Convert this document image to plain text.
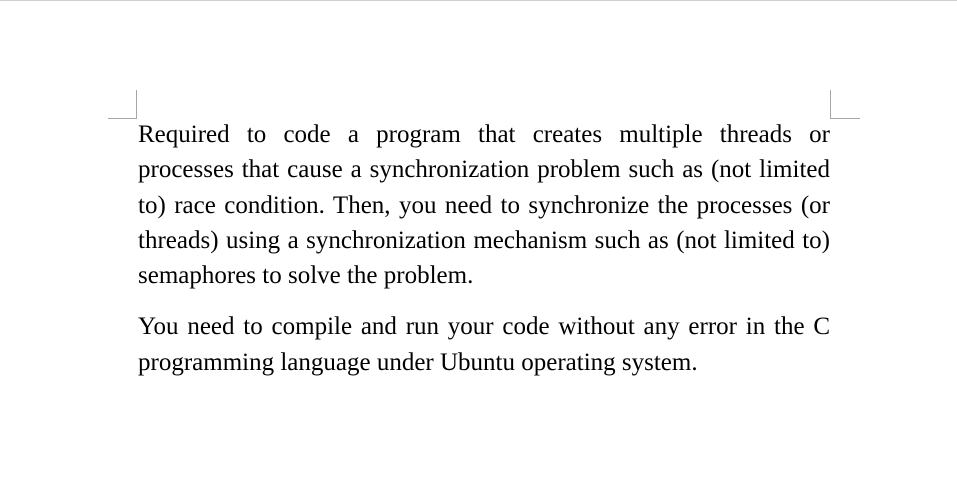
Required to code a program that creates multiple threads or processes that cause a synchronization problem such as (not limited to) race condition. Then, you need to synchronize the processes (or threads) using a synchronization mechanism such as (not limited to) semaphores to solve the problem.

You need to compile and run your code without any error in the C programming language under Ubuntu operating system.
